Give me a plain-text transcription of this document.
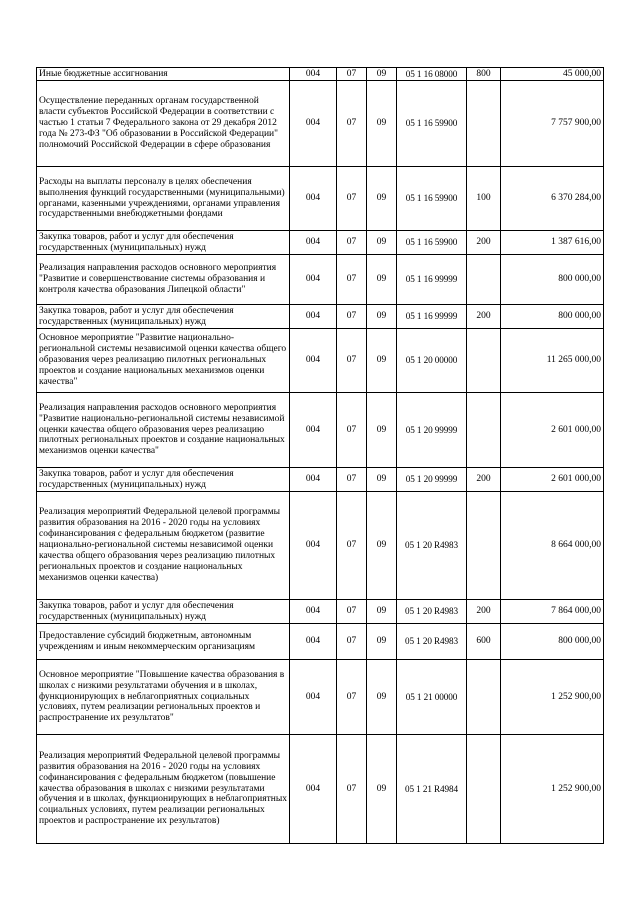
Иные бюджетные ассигнования	004	07	09	05 1 16 08000	800	45 000,00
Осуществление переданных органам государственной власти субъектов Российской Федерации в соответствии с частью 1 статьи 7 Федерального закона от 29 декабря 2012 года № 273-ФЗ "Об образовании в Российской Федерации" полномочий Российской Федерации в сфере образования	004	07	09	05 1 16 59900		7 757 900,00
Расходы на выплаты персоналу в целях обеспечения выполнения функций государственными (муниципальными) органами, казенными учреждениями, органами управления государственными внебюджетными фондами	004	07	09	05 1 16 59900	100	6 370 284,00
Закупка товаров, работ и услуг для обеспечения государственных (муниципальных) нужд	004	07	09	05 1 16 59900	200	1 387 616,00
Реализация направления расходов основного мероприятия "Развитие и совершенствование системы образования и контроля качества образования Липецкой области"	004	07	09	05 1 16 99999		800 000,00
Закупка товаров, работ и услуг для обеспечения государственных (муниципальных) нужд	004	07	09	05 1 16 99999	200	800 000,00
Основное мероприятие "Развитие национально-региональной системы независимой оценки качества общего образования через реализацию пилотных региональных проектов и создание национальных механизмов оценки качества"	004	07	09	05 1 20 00000		11 265 000,00
Реализация направления расходов основного мероприятия "Развитие национально-региональной системы независимой оценки качества общего образования через реализацию пилотных региональных проектов и создание национальных механизмов оценки качества"	004	07	09	05 1 20 99999		2 601 000,00
Закупка товаров, работ и услуг для обеспечения государственных (муниципальных) нужд	004	07	09	05 1 20 99999	200	2 601 000,00
Реализация мероприятий Федеральной целевой программы развития образования на 2016 - 2020 годы на условиях софинансирования с федеральным бюджетом (развитие национально-региональной системы независимой оценки качества общего образования через реализацию пилотных региональных проектов и создание национальных механизмов оценки качества)	004	07	09	05 1 20 R4983		8 664 000,00
Закупка товаров, работ и услуг для обеспечения государственных (муниципальных) нужд	004	07	09	05 1 20 R4983	200	7 864 000,00
Предоставление субсидий бюджетным, автономным учреждениям и иным некоммерческим организациям	004	07	09	05 1 20 R4983	600	800 000,00
Основное мероприятие "Повышение качества образования в школах с низкими результатами обучения и в школах, функционирующих в неблагоприятных социальных условиях, путем реализации региональных проектов и распространение их результатов"	004	07	09	05 1 21 00000		1 252 900,00
Реализация мероприятий Федеральной целевой программы развития образования на 2016 - 2020 годы на условиях софинансирования с федеральным бюджетом (повышение качества образования в школах с низкими результатами обучения и в школах, функционирующих в неблагоприятных социальных условиях, путем реализации региональных проектов и распространение их результатов)	004	07	09	05 1 21 R4984		1 252 900,00
